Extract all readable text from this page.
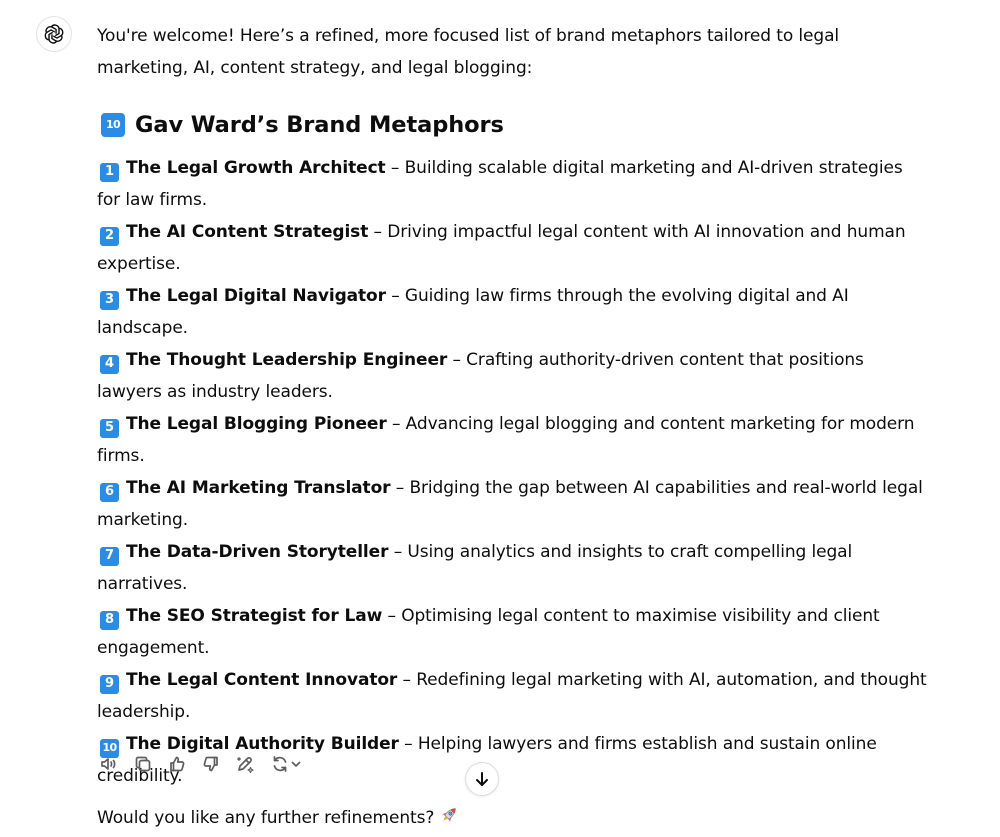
You're welcome! Here’s a refined, more focused list of brand metaphors tailored to legal marketing, AI, content strategy, and legal blogging:

10 Gav Ward’s Brand Metaphors

1 The Legal Growth Architect – Building scalable digital marketing and AI-driven strategies for law firms.

2 The AI Content Strategist – Driving impactful legal content with AI innovation and human expertise.

3 The Legal Digital Navigator – Guiding law firms through the evolving digital and AI landscape.

4 The Thought Leadership Engineer – Crafting authority-driven content that positions lawyers as industry leaders.

5 The Legal Blogging Pioneer – Advancing legal blogging and content marketing for modern firms.

6 The AI Marketing Translator – Bridging the gap between AI capabilities and real-world legal marketing.

7 The Data-Driven Storyteller – Using analytics and insights to craft compelling legal narratives.

8 The SEO Strategist for Law – Optimising legal content to maximise visibility and client engagement.

9 The Legal Content Innovator – Redefining legal marketing with AI, automation, and thought leadership.

10 The Digital Authority Builder – Helping lawyers and firms establish and sustain online credibility.

Would you like any further refinements?
